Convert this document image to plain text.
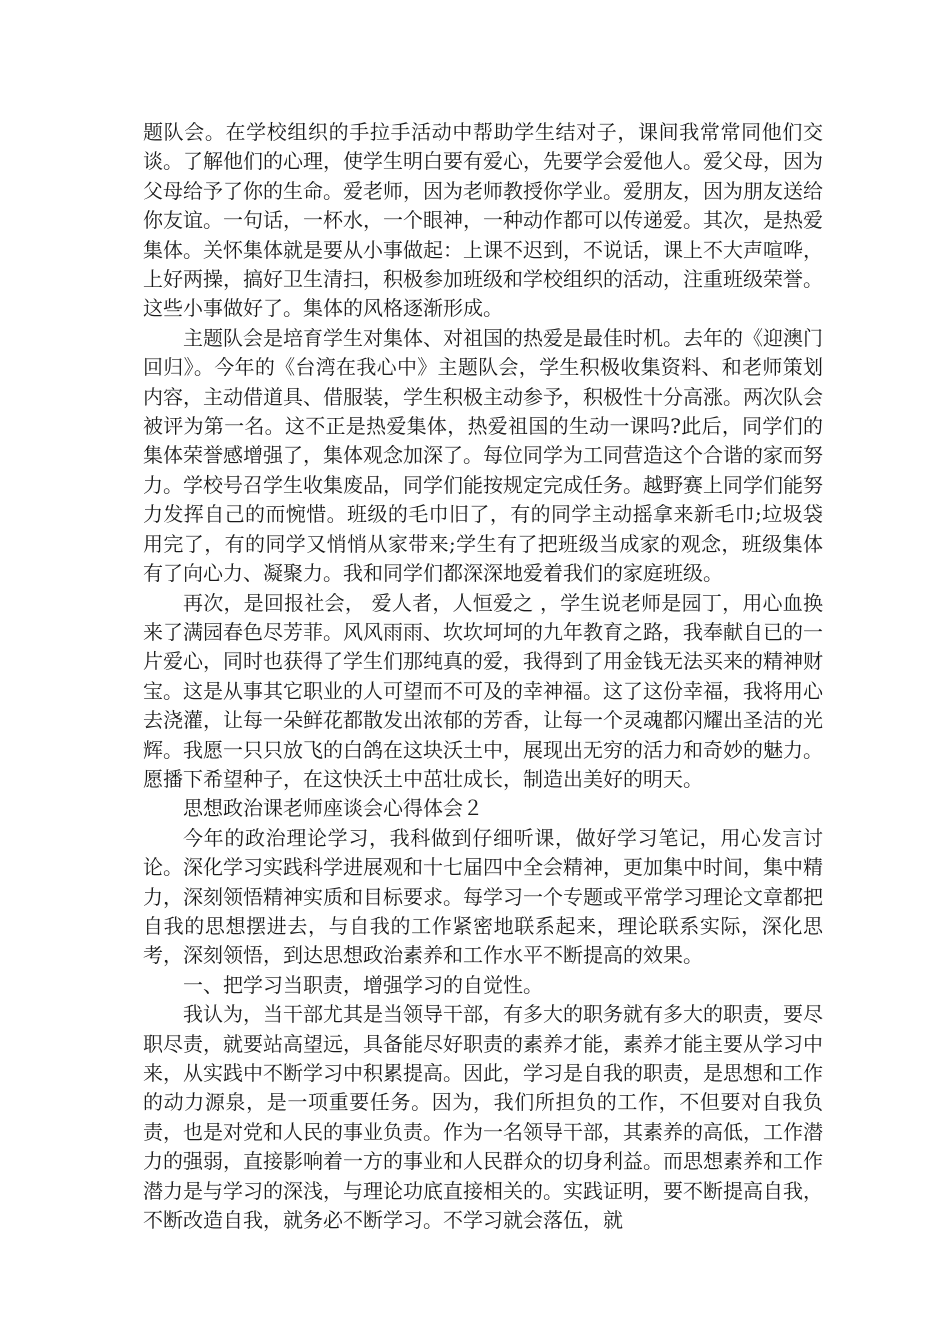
题队会。在学校组织的手拉手活动中帮助学生结对子，课间我常常同他们交谈。了解他们的心理，使学生明白要有爱心，先要学会爱他人。爱父母，因为父母给予了你的生命。爱老师，因为老师教授你学业。爱朋友，因为朋友送给你友谊。一句话，一杯水，一个眼神，一种动作都可以传递爱。其次，是热爱集体。关怀集体就是要从小事做起：上课不迟到，不说话，课上不大声喧哗，上好两操，搞好卫生清扫，积极参加班级和学校组织的活动，注重班级荣誉。这些小事做好了。集体的风格逐渐形成。

主题队会是培育学生对集体、对祖国的热爱是最佳时机。去年的《迎澳门回归》。今年的《台湾在我心中》主题队会，学生积极收集资料、和老师策划内容，主动借道具、借服装，学生积极主动参予，积极性十分高涨。两次队会被评为第一名。这不正是热爱集体，热爱祖国的生动一课吗?此后，同学们的集体荣誉感增强了，集体观念加深了。每位同学为工同营造这个合谐的家而努力。学校号召学生收集废品，同学们能按规定完成任务。越野赛上同学们能努力发挥自己的而惋惜。班级的毛巾旧了，有的同学主动摇拿来新毛巾;垃圾袋用完了，有的同学又悄悄从家带来;学生有了把班级当成家的观念，班级集体有了向心力、凝聚力。我和同学们都深深地爱着我们的家庭班级。

再次，是回报社会， 爱人者，人恒爱之 ，学生说老师是园丁，用心血换来了满园春色尽芳菲。风风雨雨、坎坎坷坷的九年教育之路，我奉献自已的一片爱心，同时也获得了学生们那纯真的爱，我得到了用金钱无法买来的精神财宝。这是从事其它职业的人可望而不可及的幸神福。这了这份幸福，我将用心去浇灌，让每一朵鲜花都散发出浓郁的芳香，让每一个灵魂都闪耀出圣洁的光辉。我愿一只只放飞的白鸽在这块沃土中，展现出无穷的活力和奇妙的魅力。愿播下希望种子，在这快沃土中茁壮成长，制造出美好的明天。

思想政治课老师座谈会心得体会２

今年的政治理论学习，我科做到仔细听课，做好学习笔记，用心发言讨论。深化学习实践科学进展观和十七届四中全会精神，更加集中时间，集中精力，深刻领悟精神实质和目标要求。每学习一个专题或平常学习理论文章都把自我的思想摆进去，与自我的工作紧密地联系起来，理论联系实际，深化思考，深刻领悟，到达思想政治素养和工作水平不断提高的效果。

一、把学习当职责，增强学习的自觉性。

我认为，当干部尤其是当领导干部，有多大的职务就有多大的职责，要尽职尽责，就要站高望远，具备能尽好职责的素养才能，素养才能主要从学习中来，从实践中不断学习中积累提高。因此，学习是自我的职责，是思想和工作的动力源泉，是一项重要任务。因为，我们所担负的工作，不但要对自我负责，也是对党和人民的事业负责。作为一名领导干部，其素养的高低，工作潜力的强弱，直接影响着一方的事业和人民群众的切身利益。而思想素养和工作潜力是与学习的深浅，与理论功底直接相关的。实践证明，要不断提高自我，不断改造自我，就务必不断学习。不学习就会落伍，就
